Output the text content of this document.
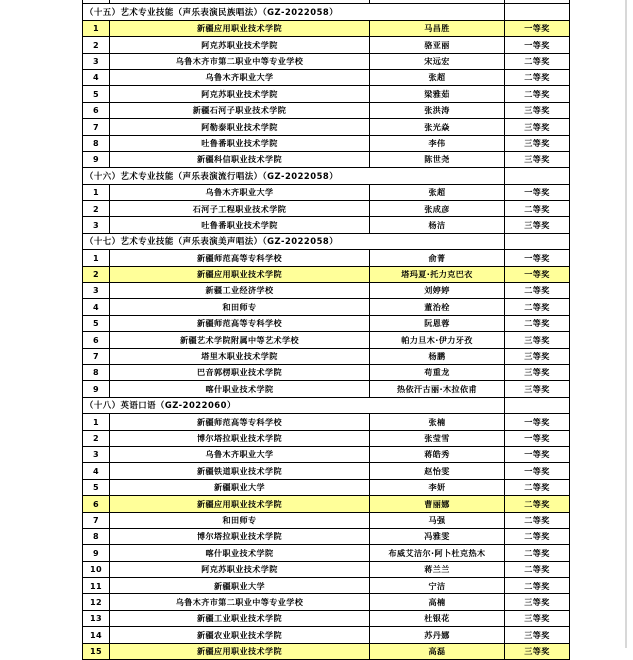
（十五）艺术专业技能（声乐表演民族唱法）（GZ-2022058）			
1	新疆应用职业技术学院	马昌胜	一等奖
2	阿克苏职业技术学院	骆亚丽	一等奖
3	乌鲁木齐市第二职业中等专业学校	宋远宏	二等奖
4	乌鲁木齐职业大学	张超	二等奖
5	阿克苏职业技术学院	梁雅茹	二等奖
6	新疆石河子职业技术学院	张洪涛	三等奖
7	阿勒泰职业技术学院	张光焱	三等奖
8	吐鲁番职业技术学院	李伟	三等奖
9	新疆科信职业技术学院	陈世尧	三等奖
（十六）艺术专业技能（声乐表演流行唱法）（GZ-2022058）			
1	乌鲁木齐职业大学	张超	一等奖
2	石河子工程职业技术学院	张成彦	二等奖
3	吐鲁番职业技术学院	杨洁	三等奖
（十七）艺术专业技能（声乐表演美声唱法）（GZ-2022058）			
1	新疆师范高等专科学校	俞菁	一等奖
2	新疆应用职业技术学院	塔玛夏·托力克巴衣	一等奖
3	新疆工业经济学校	刘婷婷	二等奖
4	和田师专	董治栓	二等奖
5	新疆师范高等专科学校	阮恩蓉	二等奖
6	新疆艺术学院附属中等艺术学校	帕力旦木·伊力牙孜	三等奖
7	塔里木职业技术学院	杨鹏	三等奖
8	巴音郭楞职业技术学院	苟重龙	三等奖
9	喀什职业技术学院	热依汗古丽·木拉依甫	三等奖
（十八）英语口语（GZ-2022060）			
1	新疆师范高等专科学校	张楠	一等奖
2	博尔塔拉职业技术学院	张莹雪	一等奖
3	乌鲁木齐职业大学	蒋皓秀	一等奖
4	新疆铁道职业技术学院	赵怡雯	一等奖
5	新疆职业大学	李妍	二等奖
6	新疆应用职业技术学院	曹丽娜	二等奖
7	和田师专	马强	二等奖
8	博尔塔拉职业技术学院	冯雅雯	二等奖
9	喀什职业技术学院	布威艾洁尔·阿卜杜克热木	二等奖
10	阿克苏职业技术学院	蒋兰兰	二等奖
11	新疆职业大学	宁洁	二等奖
12	乌鲁木齐市第二职业中等专业学校	高楠	三等奖
13	新疆工业职业技术学院	杜银花	三等奖
14	新疆农业职业技术学院	苏丹娜	三等奖
15	新疆应用职业技术学院	高磊	三等奖
